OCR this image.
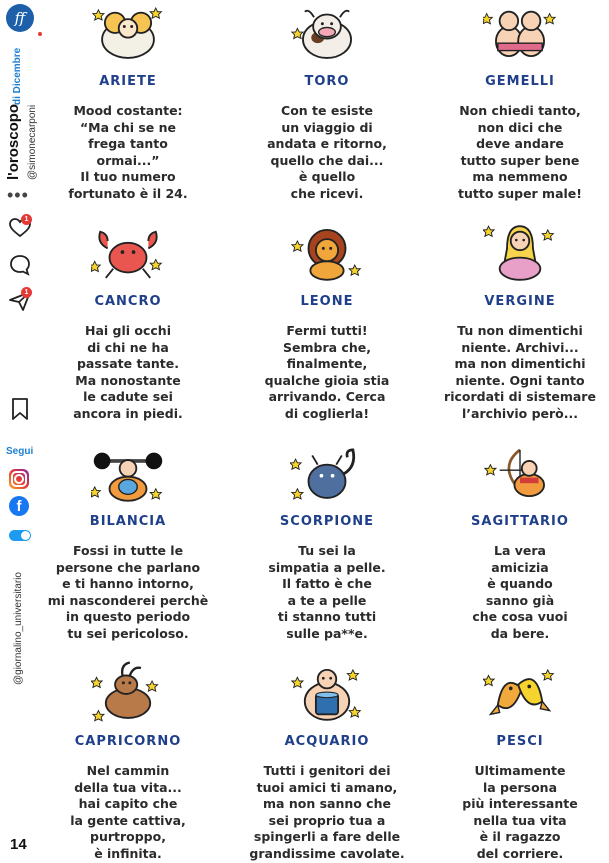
ff
l'oroscopo
di Dicembre
@simonecarponi
•••
1
1
Segui
f
@giornalino_universitario
14
ARIETE
Mood costante:
“Ma chi se ne
frega tanto
ormai...”
Il tuo numero
fortunato è il 24.
TORO
Con te esiste
un viaggio di
andata e ritorno,
quello che dai...
è quello
che ricevi.
GEMELLI
Non chiedi tanto,
non dici che
deve andare
tutto super bene
ma nemmeno
tutto super male!
CANCRO
Hai gli occhi
di chi ne ha
passate tante.
Ma nonostante
le cadute sei
ancora in piedi.
LEONE
Fermi tutti!
Sembra che,
finalmente,
qualche gioia stia
arrivando. Cerca
di coglierla!
VERGINE
Tu non dimentichi
niente. Archivi...
ma non dimentichi
niente. Ogni tanto
ricordati di sistemare
l’archivio però...
BILANCIA
Fossi in tutte le
persone che parlano
e ti hanno intorno,
mi nasconderei perchè
in questo periodo
tu sei pericoloso.
SCORPIONE
Tu sei la
simpatia a pelle.
Il fatto è che
a te a pelle
ti stanno tutti
sulle pa**e.
SAGITTARIO
La vera
amicizia
è quando
sanno già
che cosa vuoi
da bere.
CAPRICORNO
Nel cammin
della tua vita...
hai capito che
la gente cattiva,
purtroppo,
è infinita.
ACQUARIO
Tutti i genitori dei
tuoi amici ti amano,
ma non sanno che
sei proprio tua a
spingerli a fare delle
grandissime cavolate.
PESCI
Ultimamente
la persona
più interessante
nella tua vita
è il ragazzo
del corriere.
